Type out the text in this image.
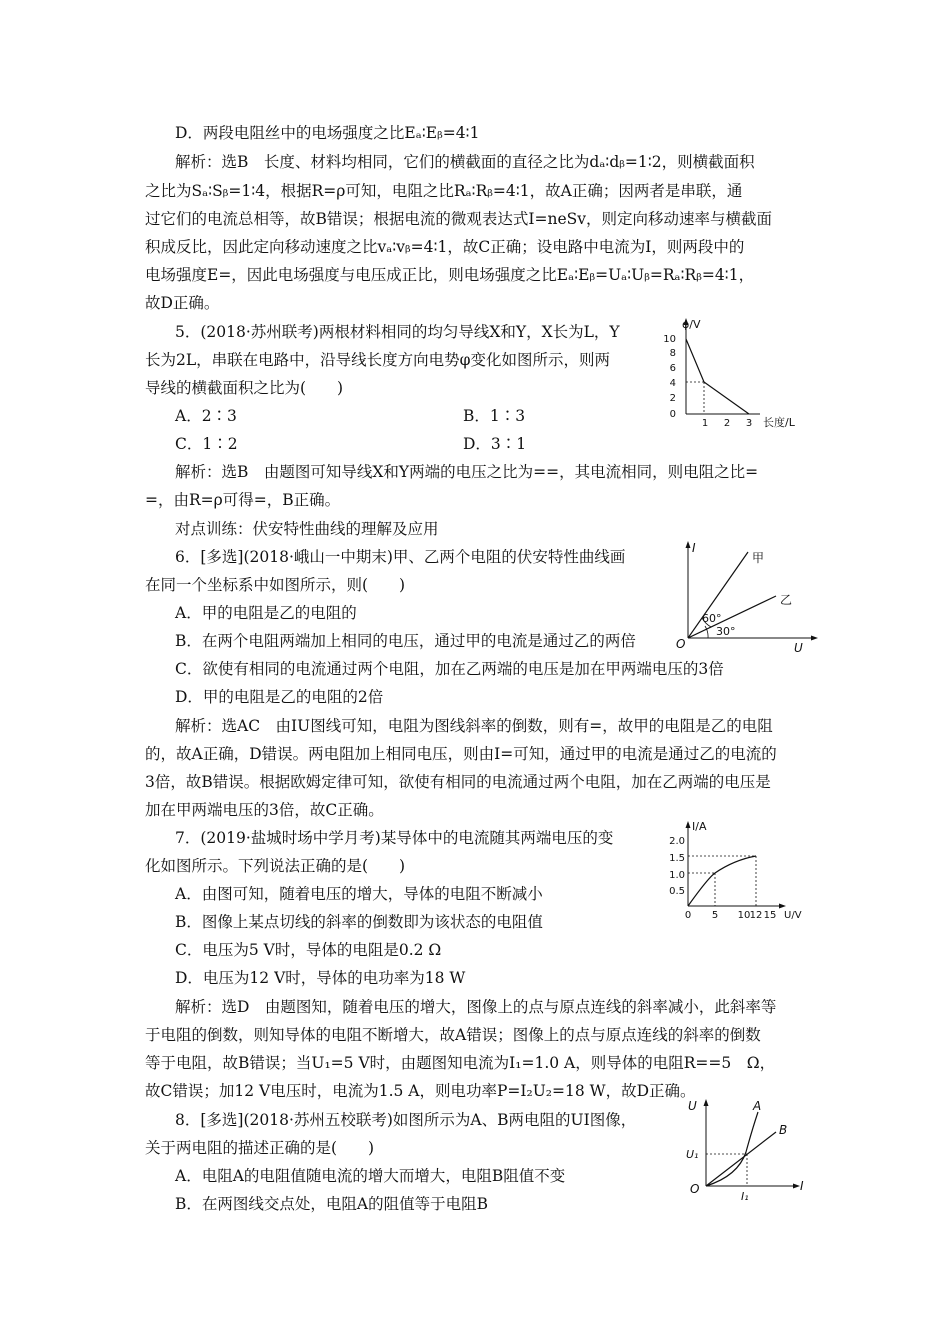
D．两段电阻丝中的电场强度之比Eₐ∶Eᵦ=4∶1
解析：选B　长度、材料均相同，它们的横截面的直径之比为dₐ∶dᵦ=1∶2，则横截面积
之比为Sₐ∶Sᵦ=1∶4，根据R=ρ可知，电阻之比Rₐ∶Rᵦ=4∶1，故A正确；因两者是串联，通
过它们的电流总相等，故B错误；根据电流的微观表达式I=neSv，则定向移动速率与横截面
积成反比，因此定向移动速度之比vₐ∶vᵦ=4∶1，故C正确；设电路中电流为I，则两段中的
电场强度E=，因此电场强度与电压成正比，则电场强度之比Eₐ∶Eᵦ=Uₐ∶Uᵦ=Rₐ∶Rᵦ=4∶1，
故D正确。
5．(2018·苏州联考)两根材料相同的均匀导线X和Y，X长为L，Y
长为2L，串联在电路中，沿导线长度方向电势φ变化如图所示，则两
导线的横截面积之比为(　　)
A．2∶3	B．1∶3
C．1∶2	D．3∶1
解析：选B　由题图可知导线X和Y两端的电压之比为==，其电流相同，则电阻之比=
=，由R=ρ可得=，B正确。
φ/V
10
8
6
4
2
0
1 2 3 长度/L
对点训练：伏安特性曲线的理解及应用
6．[多选](2018·峨山一中期末)甲、乙两个电阻的伏安特性曲线画
在同一个坐标系中如图所示，则(　　)
A．甲的电阻是乙的电阻的
B．在两个电阻两端加上相同的电压，通过甲的电流是通过乙的两倍
C．欲使有相同的电流通过两个电阻，加在乙两端的电压是加在甲两端电压的3倍
D．甲的电阻是乙的电阻的2倍
解析：选AC　由IU图线可知，电阻为图线斜率的倒数，则有=，故甲的电阻是乙的电阻
的，故A正确，D错误。两电阻加上相同电压，则由I=可知，通过甲的电流是通过乙的电流的
3倍，故B错误。根据欧姆定律可知，欲使有相同的电流通过两个电阻，加在乙两端的电压是
加在甲两端电压的3倍，故C正确。
I
U
O
甲
乙
60°
30°
7．(2019·盐城时场中学月考)某导体中的电流随其两端电压的变
化如图所示。下列说法正确的是(　　)
A．由图可知，随着电压的增大，导体的电阻不断减小
B．图像上某点切线的斜率的倒数即为该状态的电阻值
C．电压为5 V时，导体的电阻是0.2 Ω
D．电压为12 V时，导体的电功率为18 W
解析：选D　由题图知，随着电压的增大，图像上的点与原点连线的斜率减小，此斜率等
于电阻的倒数，则知导体的电阻不断增大，故A错误；图像上的点与原点连线的斜率的倒数
等于电阻，故B错误；当U₁=5 V时，由题图知电流为I₁=1.0 A，则导体的电阻R==5　Ω，
故C错误；加12 V电压时，电流为1.5 A，则电功率P=I₂U₂=18 W，故D正确。
I/A
2.0
1.5
1.0
0.5
0 5 10 12 15 U/V
8．[多选](2018·苏州五校联考)如图所示为A、B两电阻的UI图像，
关于两电阻的描述正确的是(　　)
A．电阻A的电阻值随电流的增大而增大，电阻B阻值不变
B．在两图线交点处，电阻A的阻值等于电阻B
U
I
O
A
B
U₁
I₁
